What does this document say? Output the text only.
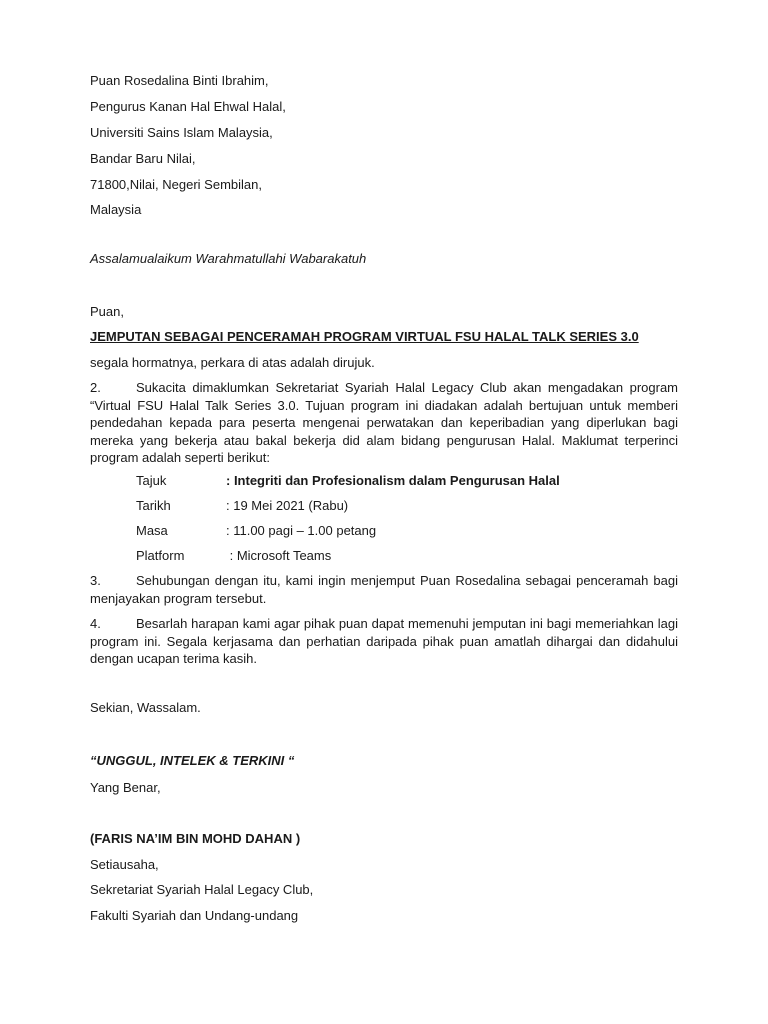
Puan Rosedalina Binti Ibrahim,
Pengurus Kanan Hal Ehwal Halal,
Universiti Sains Islam Malaysia,
Bandar Baru Nilai,
71800,Nilai, Negeri Sembilan,
Malaysia
Assalamualaikum Warahmatullahi Wabarakatuh
Puan,
JEMPUTAN SEBAGAI PENCERAMAH PROGRAM VIRTUAL FSU HALAL TALK SERIES 3.0
segala hormatnya, perkara di atas adalah dirujuk.
2.	Sukacita dimaklumkan Sekretariat Syariah Halal Legacy Club akan mengadakan program “Virtual FSU Halal Talk Series 3.0. Tujuan program ini diadakan adalah bertujuan untuk memberi pendedahan kepada para peserta mengenai perwatakan dan keperibadian yang diperlukan bagi mereka yang bekerja atau bakal bekerja did alam bidang pengurusan Halal. Maklumat terperinci program adalah seperti berikut:
Tajuk	: Integriti dan Profesionalism dalam Pengurusan Halal
Tarikh	: 19 Mei 2021 (Rabu)
Masa	: 11.00 pagi – 1.00 petang
Platform	: Microsoft Teams
3.	Sehubungan dengan itu, kami ingin menjemput Puan Rosedalina sebagai penceramah bagi menjayakan program tersebut.
4.	Besarlah harapan kami agar pihak puan dapat memenuhi jemputan ini bagi memeriahkan lagi program ini. Segala kerjasama dan perhatian daripada pihak puan amatlah dihargai dan didahului dengan ucapan terima kasih.
Sekian, Wassalam.
“UNGGUL, INTELEK & TERKINI “
Yang Benar,
(FARIS NA’IM BIN MOHD DAHAN )
Setiausaha,
Sekretariat Syariah Halal Legacy Club,
Fakulti Syariah dan Undang-undang
